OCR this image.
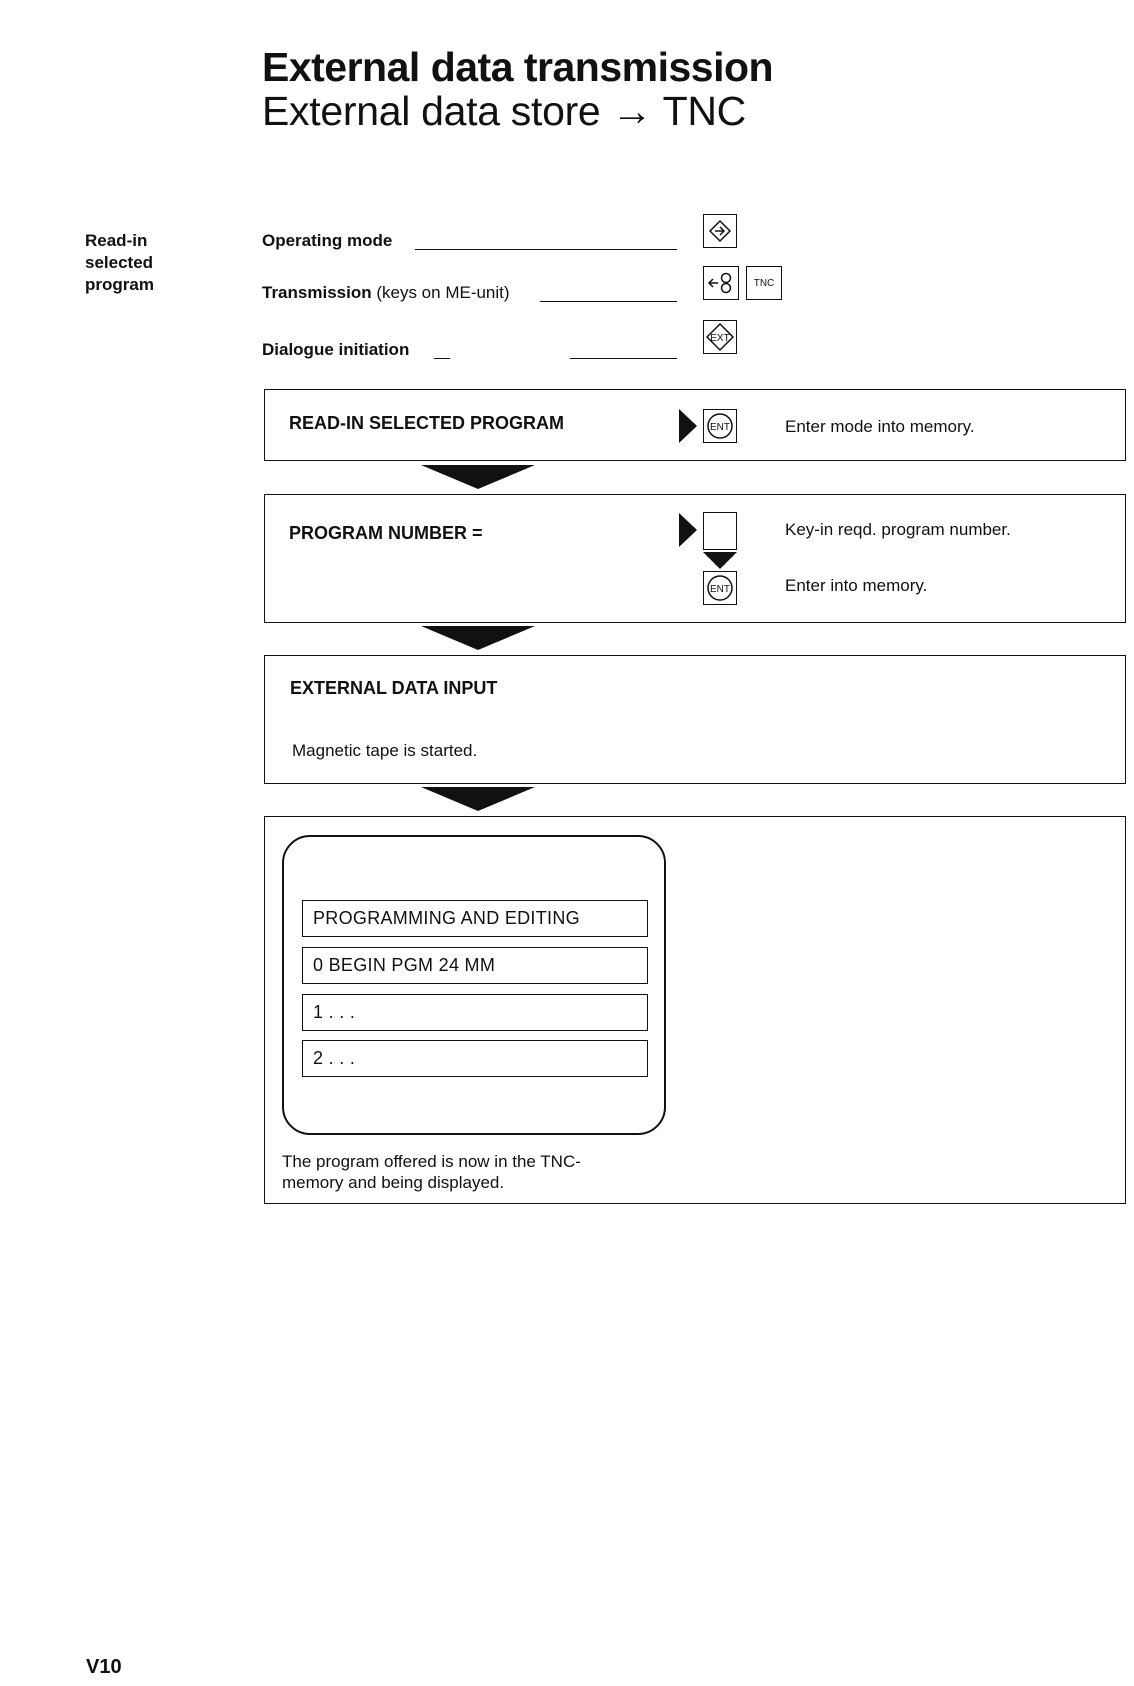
External data transmission
External data store → TNC
Read-in
selected
program
Operating mode
Transmission (keys on ME-unit)
Dialogue initiation
TNC
EXT
READ-IN SELECTED PROGRAM	ENT	Enter mode into memory.
PROGRAM NUMBER =	Key-in reqd. program number.
ENT	Enter into memory.
EXTERNAL DATA INPUT
Magnetic tape is started.
PROGRAMMING AND EDITING
0 BEGIN PGM 24 MM
1 . . .
2 . . .
The program offered is now in the TNC-
memory and being displayed.
V10
